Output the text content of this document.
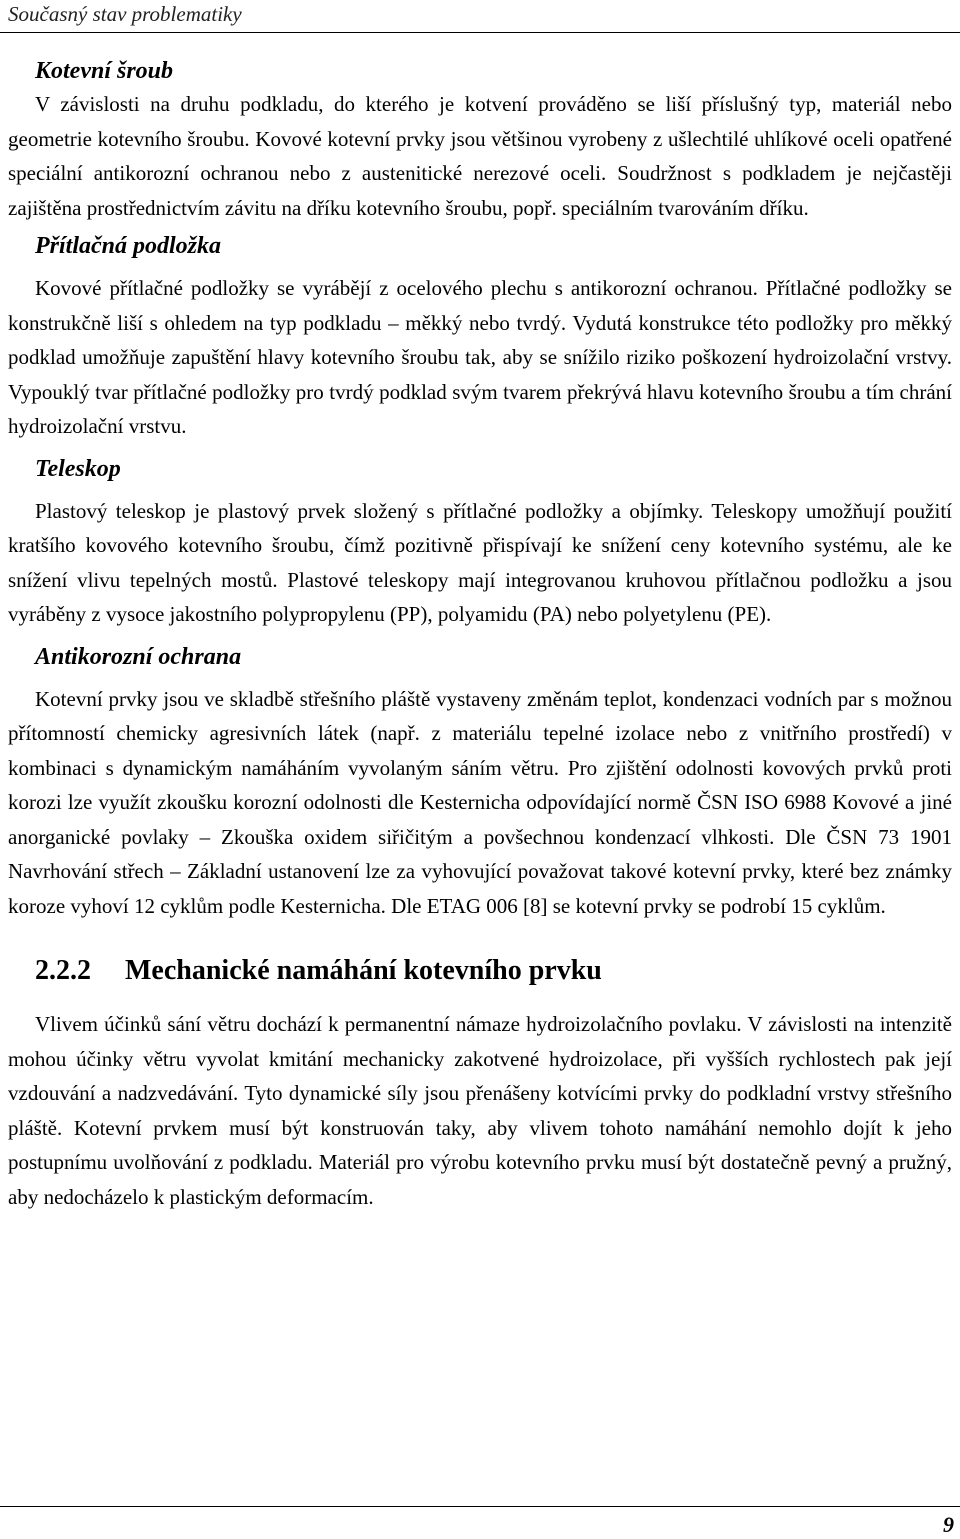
Současný stav problematiky
Kotevní šroub

V závislosti na druhu podkladu, do kterého je kotvení prováděno se liší příslušný typ, materiál nebo geometrie kotevního šroubu. Kovové kotevní prvky jsou většinou vyrobeny z ušlechtilé uhlíkové oceli opatřené speciální antikorozní ochranou nebo z austenitické nerezové oceli. Soudržnost s podkladem je nejčastěji zajištěna prostřednictvím závitu na dříku kotevního šroubu, popř. speciálním tvarováním dříku.

Přítlačná podložka

Kovové přítlačné podložky se vyrábějí z ocelového plechu s antikorozní ochranou. Přítlačné podložky se konstrukčně liší s ohledem na typ podkladu – měkký nebo tvrdý. Vydutá konstrukce této podložky pro měkký podklad umožňuje zapuštění hlavy kotevního šroubu tak, aby se snížilo riziko poškození hydroizolační vrstvy. Vypouklý tvar přítlačné podložky pro tvrdý podklad svým tvarem překrývá hlavu kotevního šroubu a tím chrání hydroizolační vrstvu.

Teleskop

Plastový teleskop je plastový prvek složený s přítlačné podložky a objímky. Teleskopy umožňují použití kratšího kovového kotevního šroubu, čímž pozitivně přispívají ke snížení ceny kotevního systému, ale ke snížení vlivu tepelných mostů. Plastové teleskopy mají integrovanou kruhovou přítlačnou podložku a jsou vyráběny z vysoce jakostního polypropylenu (PP), polyamidu (PA) nebo polyetylenu (PE).

Antikorozní ochrana

Kotevní prvky jsou ve skladbě střešního pláště vystaveny změnám teplot, kondenzaci vodních par s možnou přítomností chemicky agresivních látek (např. z materiálu tepelné izolace nebo z vnitřního prostředí) v kombinaci s dynamickým namáháním vyvolaným sáním větru. Pro zjištění odolnosti kovových prvků proti korozi lze využít zkoušku korozní odolnosti dle Kesternicha odpovídající normě ČSN ISO 6988 Kovové a jiné anorganické povlaky – Zkouška oxidem siřičitým a povšechnou kondenzací vlhkosti. Dle ČSN 73 1901 Navrhování střech – Základní ustanovení lze za vyhovující považovat takové kotevní prvky, které bez známky koroze vyhoví 12 cyklům podle Kesternicha. Dle ETAG 006 [8] se kotevní prvky se podrobí 15 cyklům.

2.2.2 Mechanické namáhání kotevního prvku

Vlivem účinků sání větru dochází k permanentní námaze hydroizolačního povlaku. V závislosti na intenzitě mohou účinky větru vyvolat kmitání mechanicky zakotvené hydroizolace, při vyšších rychlostech pak její vzdouvání a nadzvedávání. Tyto dynamické síly jsou přenášeny kotvícími prvky do podkladní vrstvy střešního pláště. Kotevní prvkem musí být konstruován taky, aby vlivem tohoto namáhání nemohlo dojít k jeho postupnímu uvolňování z podkladu. Materiál pro výrobu kotevního prvku musí být dostatečně pevný a pružný, aby nedocházelo k plastickým deformacím.

9
